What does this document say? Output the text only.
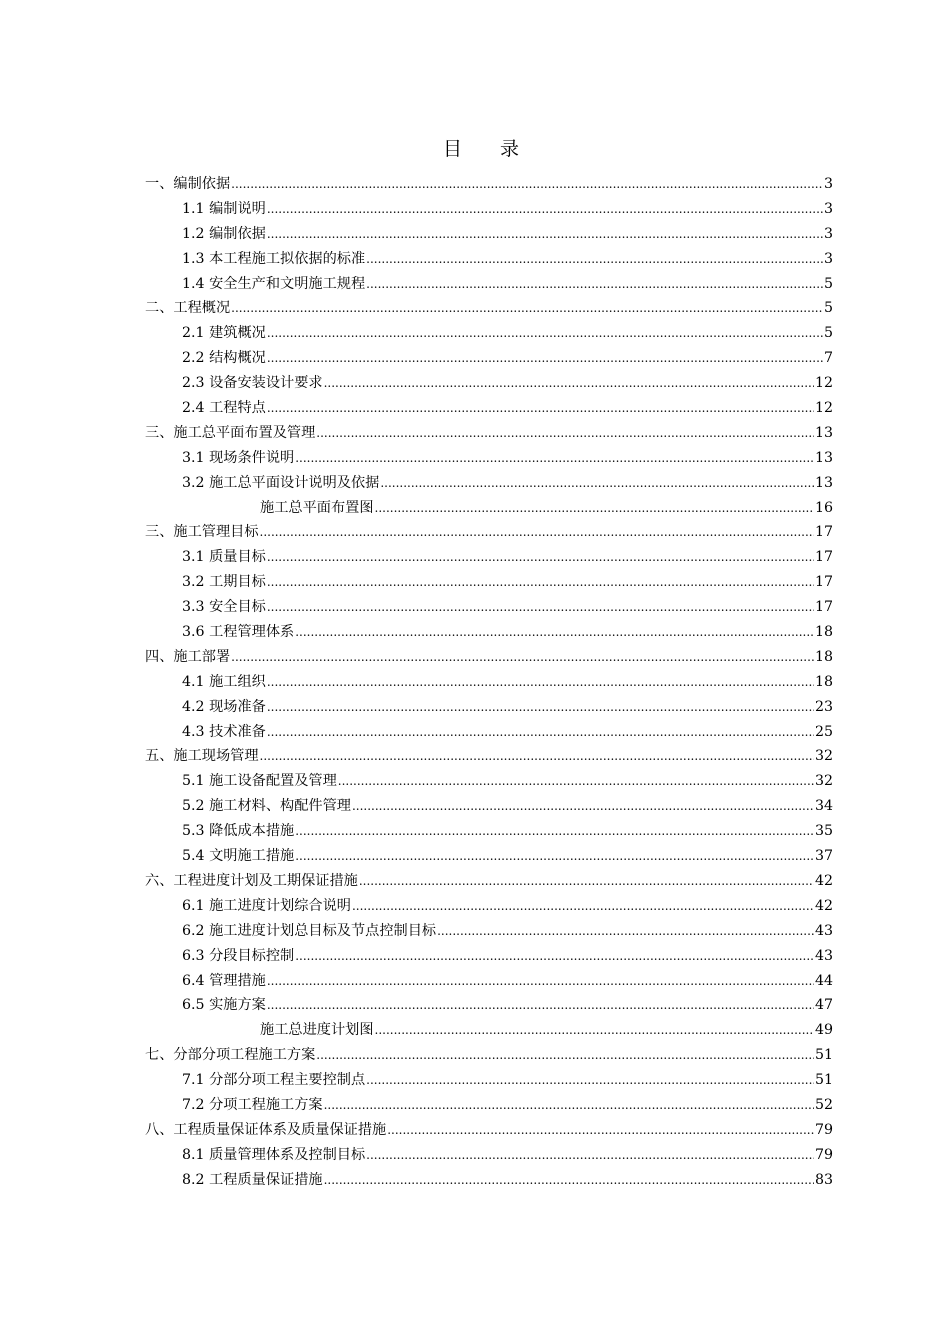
目 录
一、编制依据 .....	3
1.1 编制说明 .....	3
1.2 编制依据 .....	3
1.3 本工程施工拟依据的标准 .....	3
1.4 安全生产和文明施工规程 .....	5
二、工程概况 .....	5
2.1 建筑概况 .....	5
2.2 结构概况 .....	7
2.3 设备安装设计要求 .....	12
2.4 工程特点 .....	12
三、施工总平面布置及管理 .....	13
3.1 现场条件说明 .....	13
3.2 施工总平面设计说明及依据 .....	13
施工总平面布置图 .....	16
三、施工管理目标 .....	17
3.1 质量目标 .....	17
3.2 工期目标 .....	17
3.3 安全目标 .....	17
3.6 工程管理体系 .....	18
四、施工部署 .....	18
4.1 施工组织 .....	18
4.2 现场准备 .....	23
4.3 技术准备 .....	25
五、施工现场管理 .....	32
5.1 施工设备配置及管理 .....	32
5.2 施工材料、构配件管理 .....	34
5.3 降低成本措施 .....	35
5.4 文明施工措施 .....	37
六、工程进度计划及工期保证措施 .....	42
6.1 施工进度计划综合说明 .....	42
6.2 施工进度计划总目标及节点控制目标 .....	43
6.3 分段目标控制 .....	43
6.4 管理措施 .....	44
6.5 实施方案 .....	47
施工总进度计划图 .....	49
七、分部分项工程施工方案 .....	51
7.1 分部分项工程主要控制点 .....	51
7.2 分项工程施工方案 .....	52
八、工程质量保证体系及质量保证措施 .....	79
8.1 质量管理体系及控制目标 .....	79
8.2 工程质量保证措施 .....	83
